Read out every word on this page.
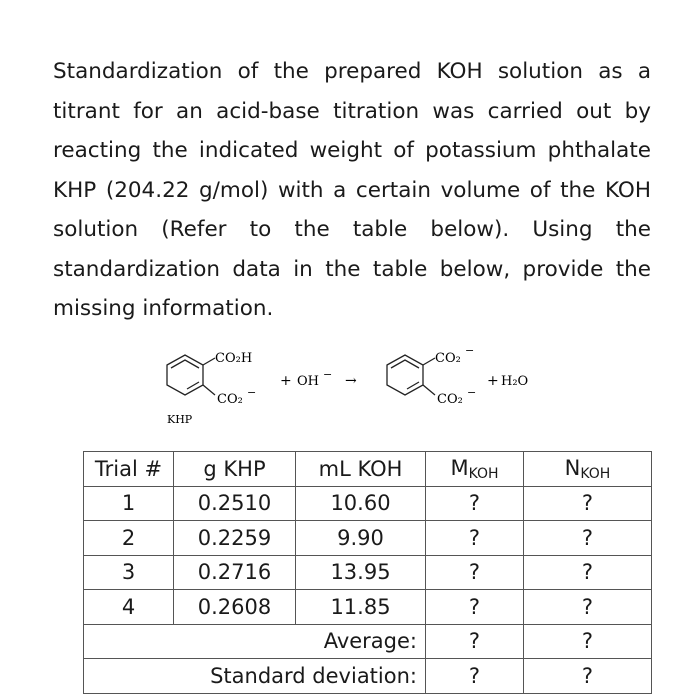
Standardization of the prepared KOH solution as a titrant for an acid-base titration was carried out by reacting the indicated weight of potassium phthalate KHP (204.22 g/mol) with a certain volume of the KOH solution (Refer to the table below). Using the standardization data in the table below, provide the missing information.

CO₂H
CO₂ −
KHP
+ OH − →
CO₂
−
CO₂ −
+ H₂O
Trial #	g KHP	mL KOH	$M_{KOH}$	$N_{KOH}$
1	0.2510	10.60	?	?
2	0.2259	9.90	?	?
3	0.2716	13.95	?	?
4	0.2608	11.85	?	?
Average:			?	?
Standard deviation:			?	?
